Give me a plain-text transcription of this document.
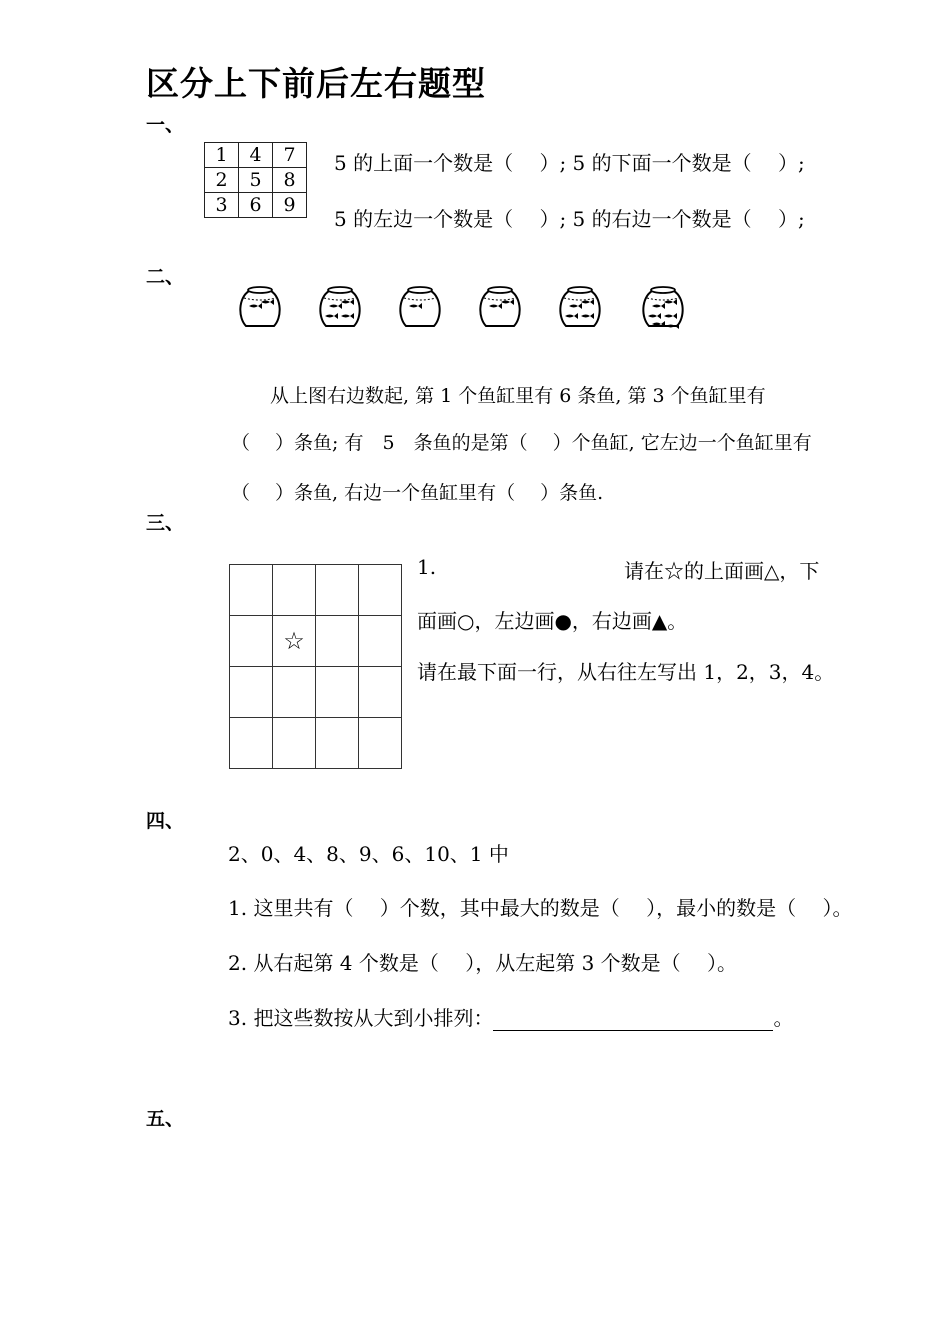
区分上下前后左右题型
一、
1	4	7
2	5	8
3	6	9
5 的上面一个数是（　 ）; 5 的下面一个数是（　 ）;
5 的左边一个数是（　 ）; 5 的右边一个数是（　 ）;
二、
从上图右边数起, 第 1 个鱼缸里有 6 条鱼, 第 3 个鱼缸里有
（　 ）条鱼; 有　5　条鱼的是第（　 ）个鱼缸, 它左边一个鱼缸里有
（　 ）条鱼, 右边一个鱼缸里有（　 ）条鱼.
三、

	☆		

1.	请在☆的上面画△，下
面画○，左边画●，右边画▲。
请在最下面一行，从右往左写出 1，2，3，4。
四、
2、0、4、8、9、6、10、1 中
1. 这里共有（　 ）个数，其中最大的数是（　 ），最小的数是（　 ）。
2. 从右起第 4 个数是（　 ），从左起第 3 个数是（　 ）。
3. 把这些数按从大到小排列：	。
五、
